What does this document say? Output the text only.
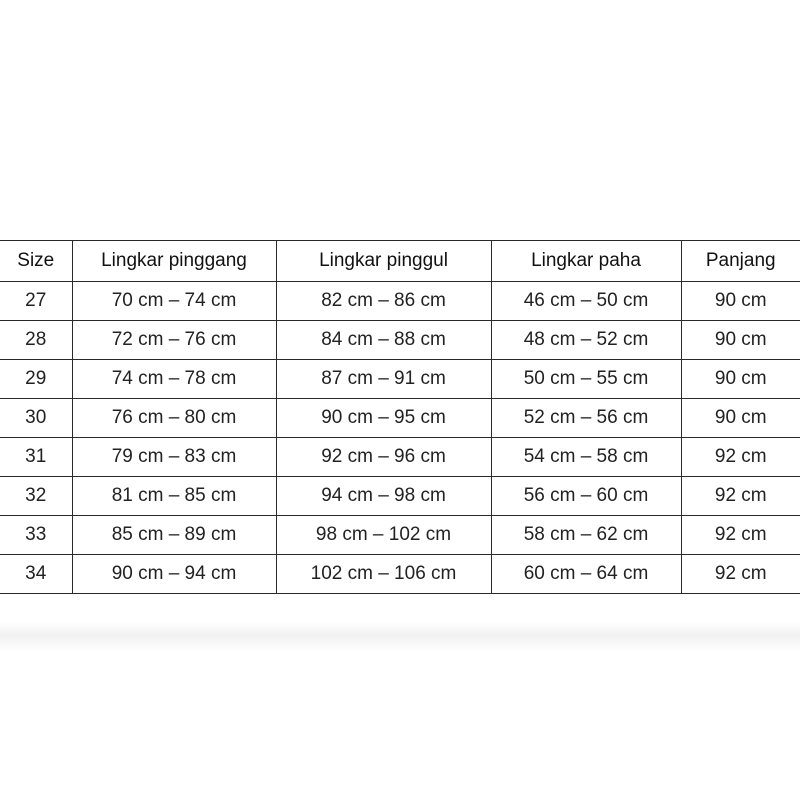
Size	Lingkar pinggang	Lingkar pinggul	Lingkar paha	Panjang
27	70 cm – 74 cm	82 cm – 86 cm	46 cm – 50 cm	90 cm
28	72 cm – 76 cm	84 cm – 88 cm	48 cm – 52 cm	90 cm
29	74 cm – 78 cm	87 cm – 91 cm	50 cm – 55 cm	90 cm
30	76 cm – 80 cm	90 cm – 95 cm	52 cm – 56 cm	90 cm
31	79 cm – 83 cm	92 cm – 96 cm	54 cm – 58 cm	92 cm
32	81 cm – 85 cm	94 cm – 98 cm	56 cm – 60 cm	92 cm
33	85 cm – 89 cm	98 cm – 102 cm	58 cm – 62 cm	92 cm
34	90 cm – 94 cm	102 cm – 106 cm	60 cm – 64 cm	92 cm
